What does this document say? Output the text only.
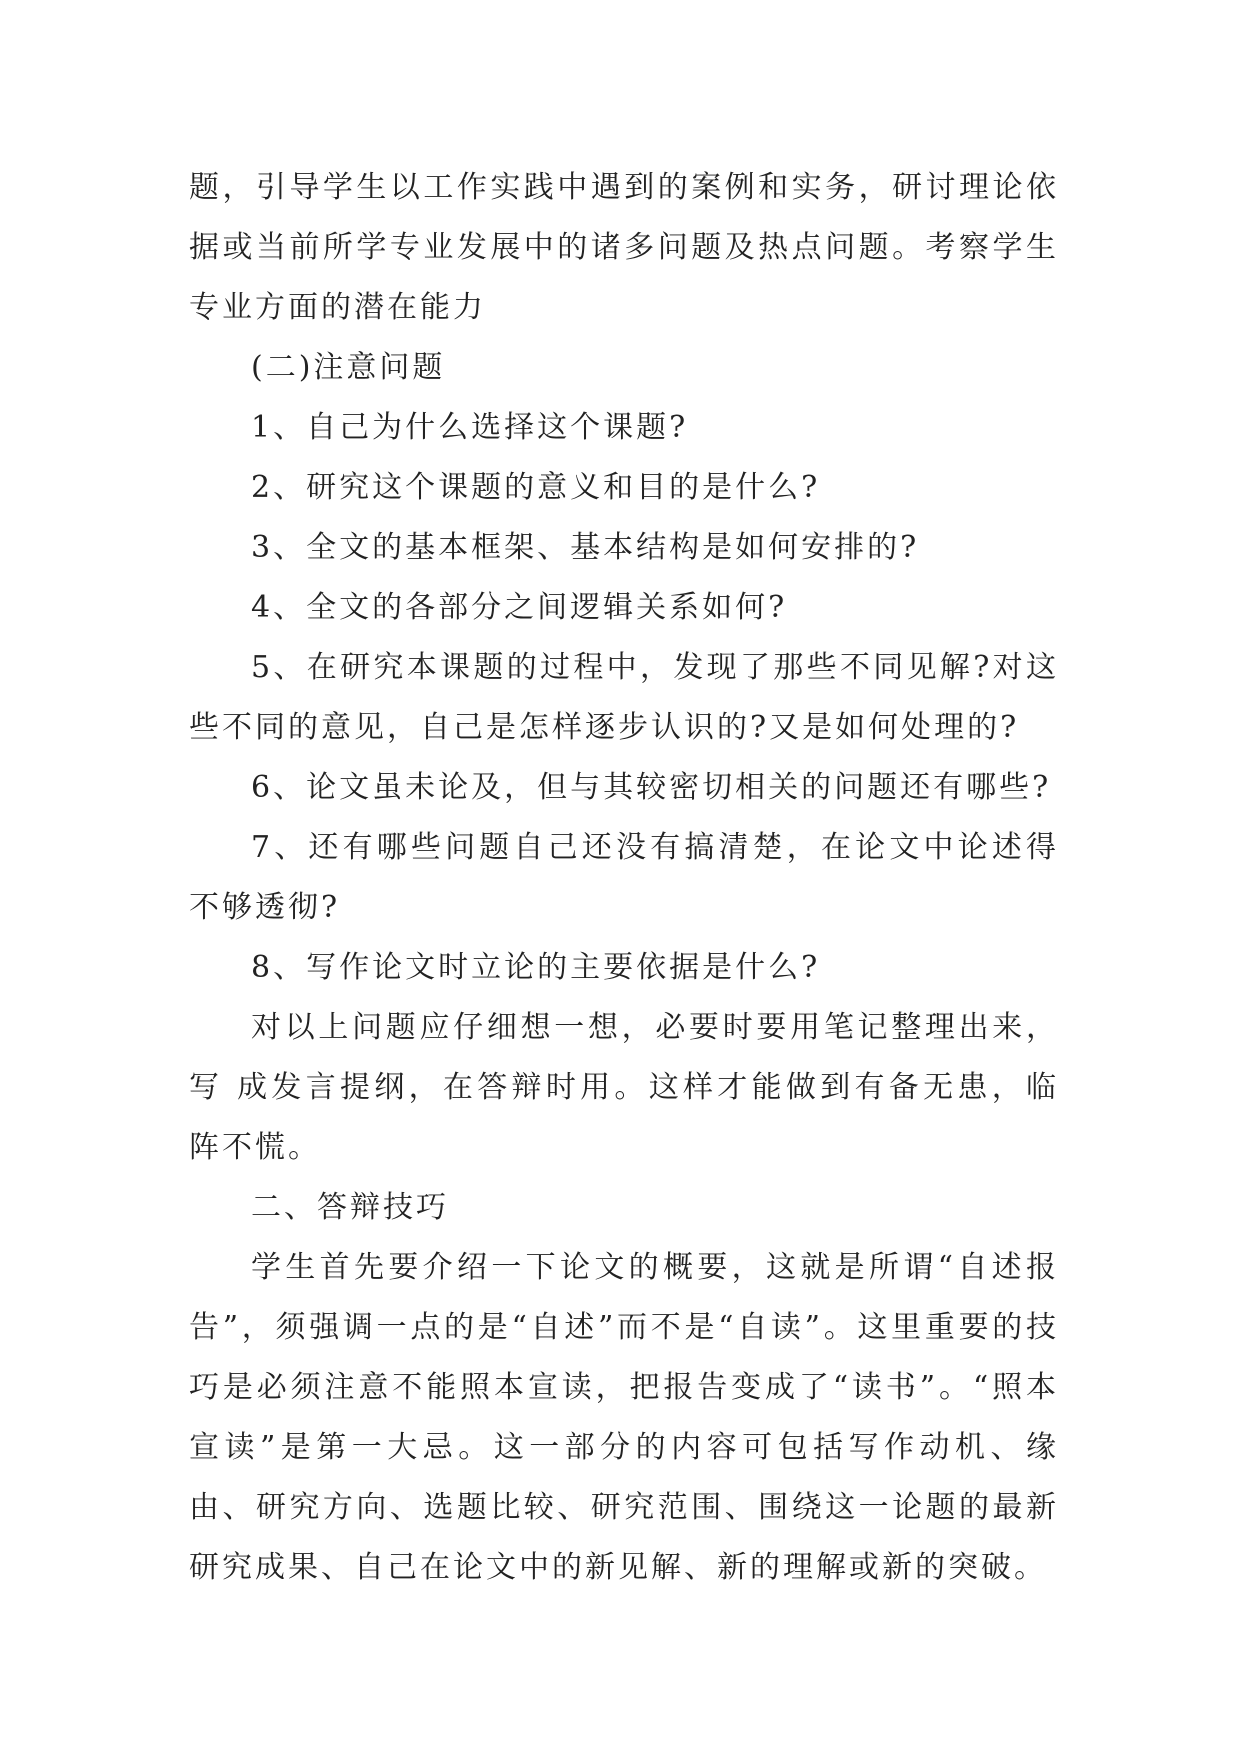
题，引导学生以工作实践中遇到的案例和实务，研讨理论依据或当前所学专业发展中的诸多问题及热点问题。考察学生专业方面的潜在能力

(二)注意问题

1、自己为什么选择这个课题?

2、研究这个课题的意义和目的是什么?

3、全文的基本框架、基本结构是如何安排的?

4、全文的各部分之间逻辑关系如何?

5、在研究本课题的过程中，发现了那些不同见解?对这些不同的意见，自己是怎样逐步认识的?又是如何处理的?

6、论文虽未论及，但与其较密切相关的问题还有哪些?

7、还有哪些问题自己还没有搞清楚，在论文中论述得不够透彻?

8、写作论文时立论的主要依据是什么?

对以上问题应仔细想一想，必要时要用笔记整理出来，写 成发言提纲，在答辩时用。这样才能做到有备无患，临阵不慌。

二、答辩技巧

学生首先要介绍一下论文的概要，这就是所谓“自述报告”，须强调一点的是“自述”而不是“自读”。这里重要的技巧是必须注意不能照本宣读，把报告变成了“读书”。“照本宣读”是第一大忌。这一部分的内容可包括写作动机、缘由、研究方向、选题比较、研究范围、围绕这一论题的最新研究成果、自己在论文中的新见解、新的理解或新的突破。
